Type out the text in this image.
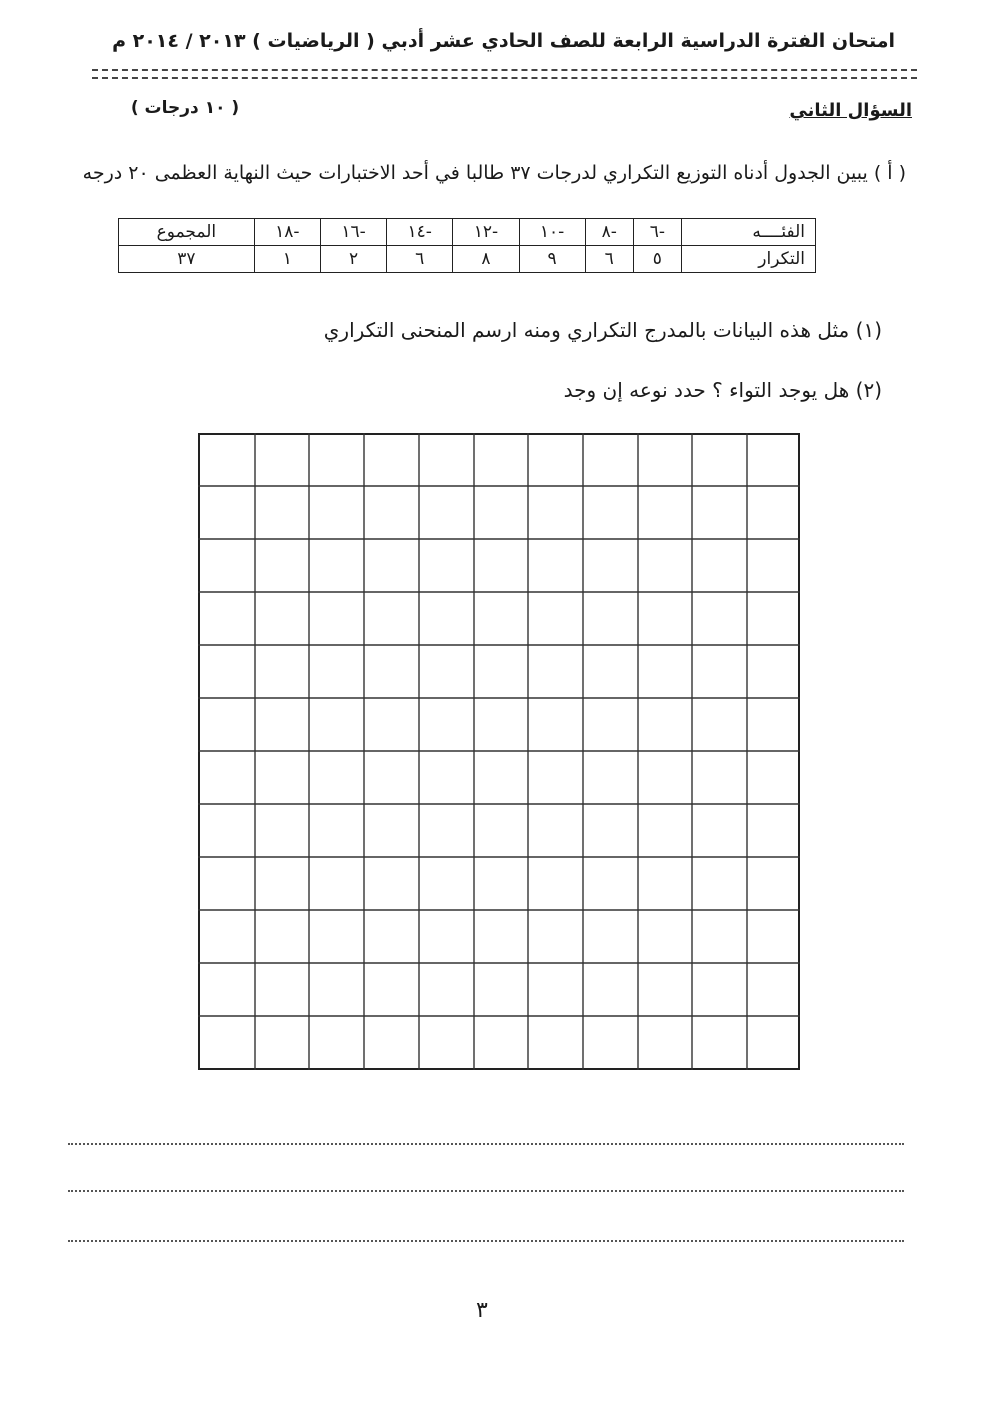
امتحان الفترة الدراسية الرابعة للصف الحادي عشر أدبي ( الرياضيات ) ٢٠١٣ / ٢٠١٤ م
السؤال الثاني
( ١٠ درجات )
( أ ) يبين الجدول أدناه التوزيع التكراري لدرجات ٣٧ طالبا في أحد الاختبارات حيث النهاية العظمى ٢٠ درجه
الفئــــه	-٦	-٨	-١٠	-١٢	-١٤	-١٦	-١٨	المجموع
التكرار	٥	٦	٩	٨	٦	٢	١	٣٧
(١) مثل هذه البيانات بالمدرج التكراري ومنه ارسم المنحنى التكراري
(٢) هل يوجد التواء ؟ حدد نوعه إن وجد
٣
